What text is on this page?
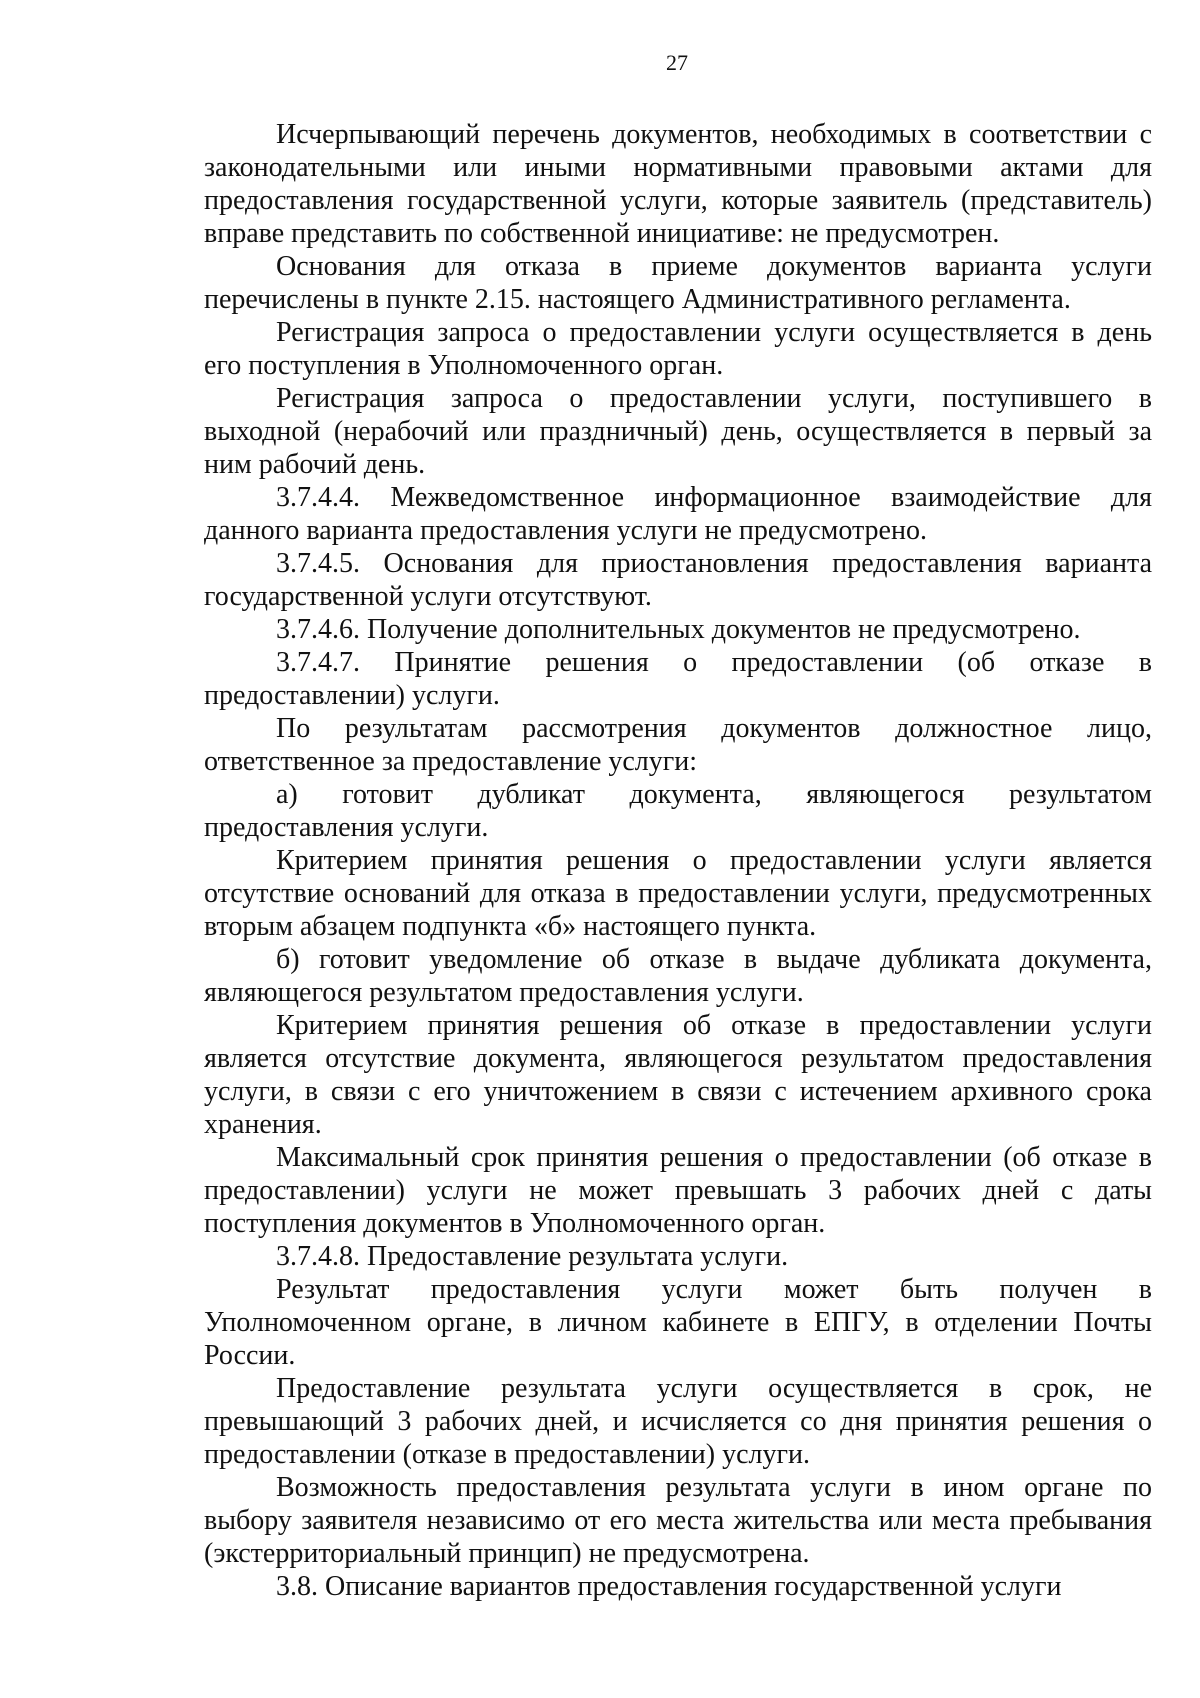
27

Исчерпывающий перечень документов, необходимых в соответствии с законодательными или иными нормативными правовыми актами для предоставления государственной услуги, которые заявитель (представитель) вправе представить по собственной инициативе: не предусмотрен.

Основания для отказа в приеме документов варианта услуги перечислены в пункте 2.15. настоящего Административного регламента.

Регистрация запроса о предоставлении услуги осуществляется в день его поступления в Уполномоченного орган.

Регистрация запроса о предоставлении услуги, поступившего в выходной (нерабочий или праздничный) день, осуществляется в первый за ним рабочий день.

3.7.4.4. Межведомственное информационное взаимодействие для данного варианта предоставления услуги не предусмотрено.

3.7.4.5. Основания для приостановления предоставления варианта государственной услуги отсутствуют.

3.7.4.6. Получение дополнительных документов не предусмотрено.

3.7.4.7. Принятие решения о предоставлении (об отказе в предоставлении) услуги.

По результатам рассмотрения документов должностное лицо, ответственное за предоставление услуги:

а) готовит дубликат документа, являющегося результатом предоставления услуги.

Критерием принятия решения о предоставлении услуги является отсутствие оснований для отказа в предоставлении услуги, предусмотренных вторым абзацем подпункта «б» настоящего пункта.

б) готовит уведомление об отказе в выдаче дубликата документа, являющегося результатом предоставления услуги.

Критерием принятия решения об отказе в предоставлении услуги является отсутствие документа, являющегося результатом предоставления услуги, в связи с его уничтожением в связи с истечением архивного срока хранения.

Максимальный срок принятия решения о предоставлении (об отказе в предоставлении) услуги не может превышать 3 рабочих дней с даты поступления документов в Уполномоченного орган.

3.7.4.8. Предоставление результата услуги.

Результат предоставления услуги может быть получен в Уполномоченном органе, в личном кабинете в ЕПГУ, в отделении Почты России.

Предоставление результата услуги осуществляется в срок, не превышающий 3 рабочих дней, и исчисляется со дня принятия решения о предоставлении (отказе в предоставлении) услуги.

Возможность предоставления результата услуги в ином органе по выбору заявителя независимо от его места жительства или места пребывания (экстерриториальный принцип) не предусмотрена.

3.8. Описание вариантов предоставления государственной услуги
